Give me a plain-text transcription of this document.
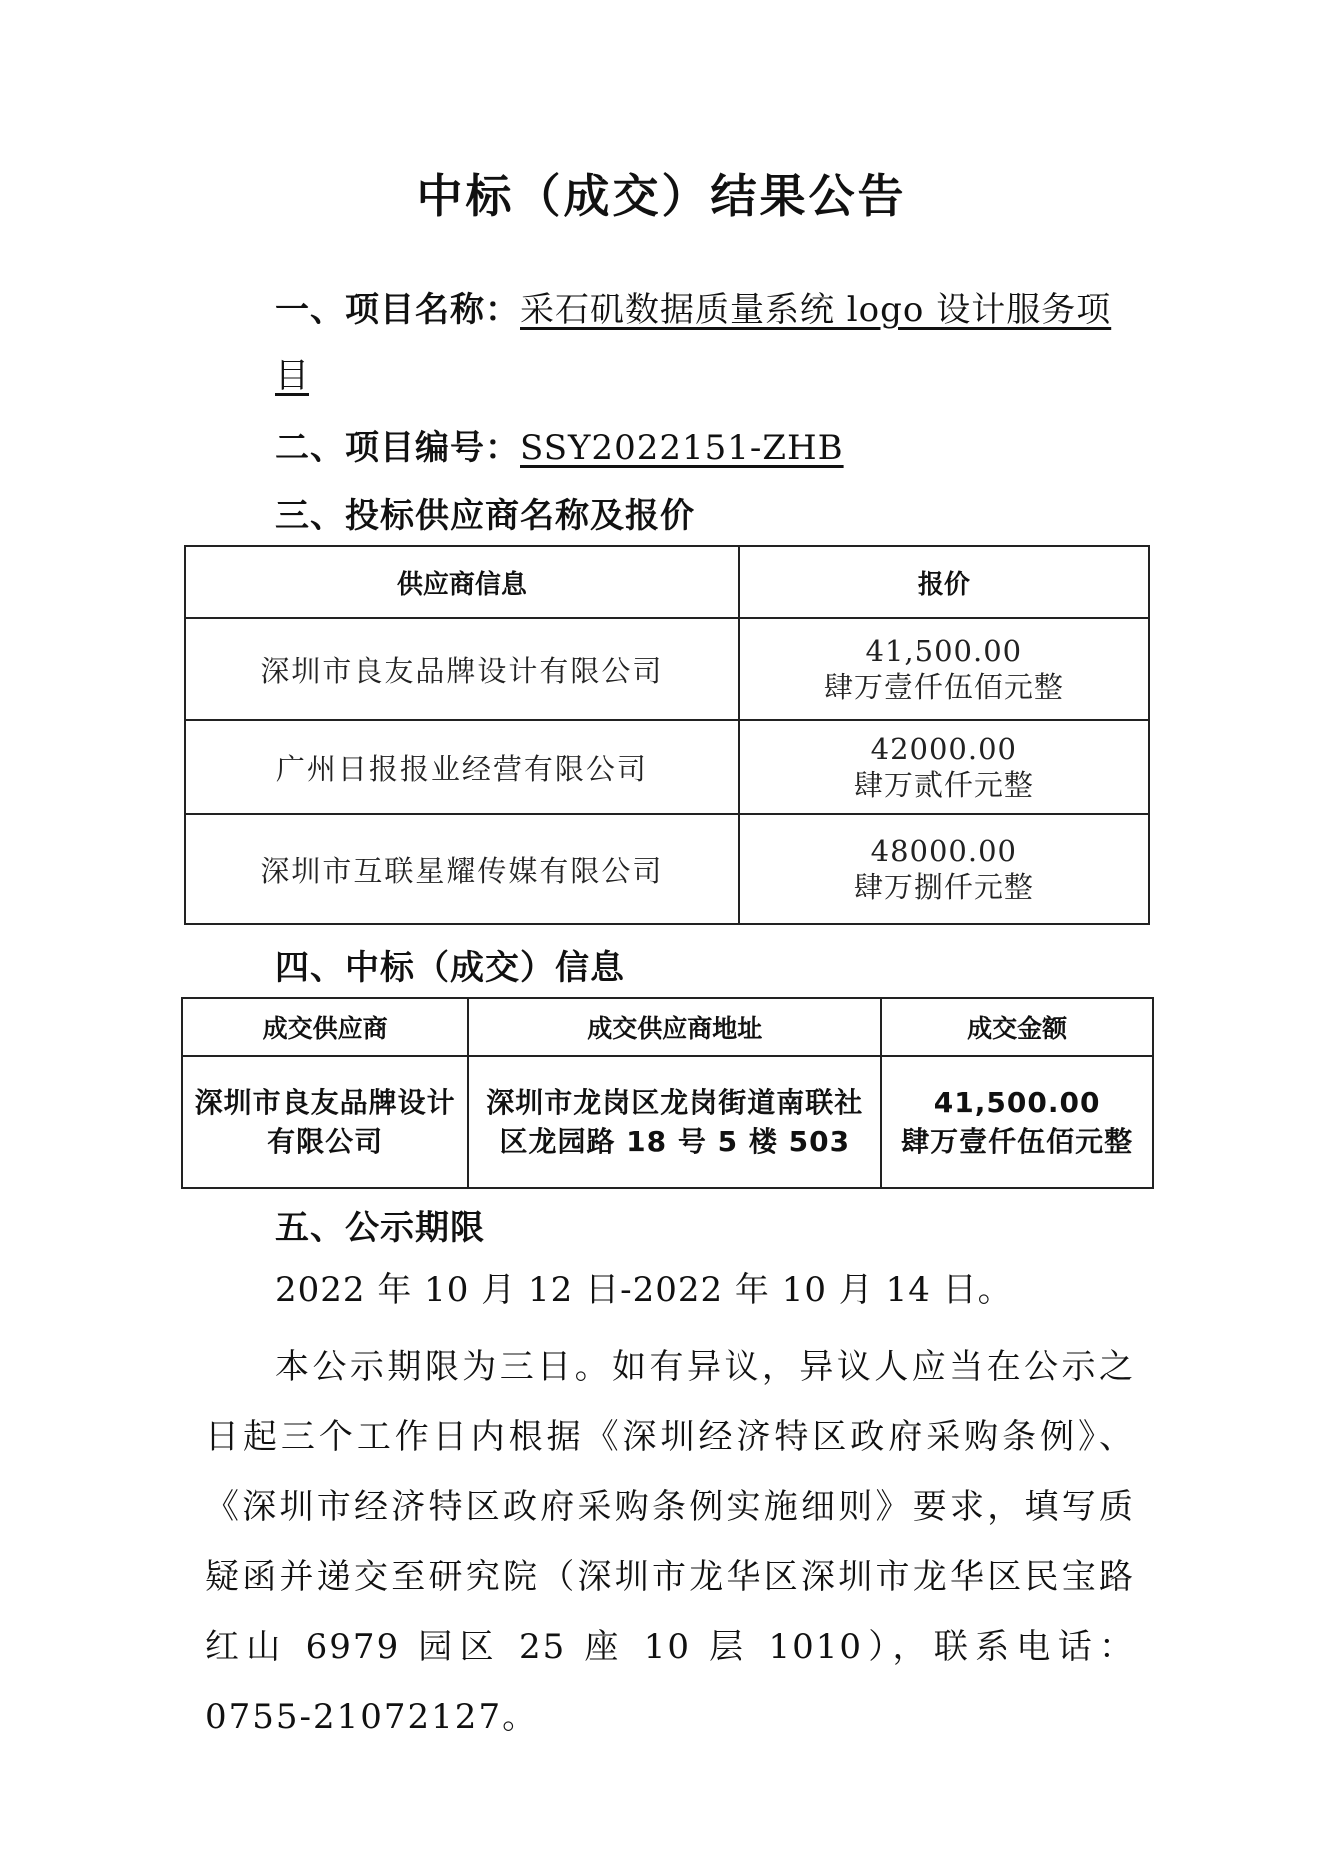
中标（成交）结果公告
一、项目名称：采石矶数据质量系统 logo 设计服务项
目
二、项目编号：SSY2022151-ZHB
三、投标供应商名称及报价
供应商信息	报价
深圳市良友品牌设计有限公司	41,500.00
肆万壹仟伍佰元整

广州日报报业经营有限公司	42000.00
肆万贰仟元整

深圳市互联星耀传媒有限公司	48000.00
肆万捌仟元整
四、中标（成交）信息
成交供应商	成交供应商地址	成交金额
深圳市良友品牌设计有限公司	深圳市龙岗区龙岗街道南联社区龙园路 18 号 5 楼 503	41,500.00
肆万壹仟伍佰元整
五、公示期限
2022 年 10 月 12 日-2022 年 10 月 14 日。
本公示期限为三日。如有异议，异议人应当在公示之日起三个工作日内根据《深圳经济特区政府采购条例》、《深圳市经济特区政府采购条例实施细则》要求，填写质疑函并递交至研究院（深圳市龙华区深圳市龙华区民宝路红山 6979 园区 25 座 10 层 1010），联系电话：0755-21072127。
